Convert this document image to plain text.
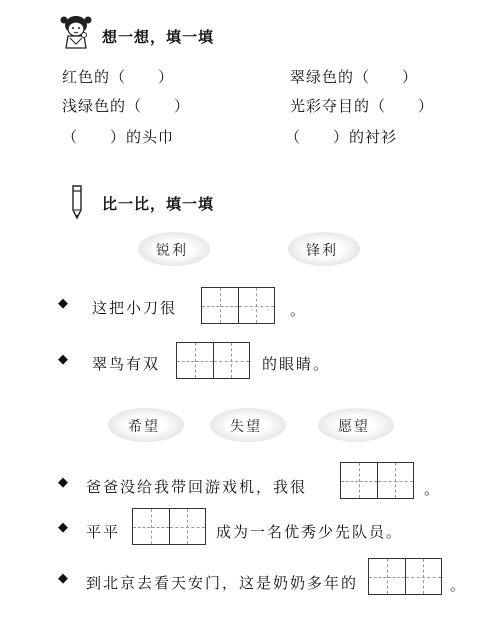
想一想，填一填
红色的（　　）	翠绿色的（　　）
浅绿色的（　　）	光彩夺目的（　　）
（　　）的头巾	（　　）的衬衫
比一比，填一填
锐利	锋利
◆ 这把小刀很	。
◆ 翠鸟有双	的眼睛。
希望	失望	愿望
◆ 爸爸没给我带回游戏机，我很	。
◆ 平平	成为一名优秀少先队员。
◆ 到北京去看天安门，这是奶奶多年的	。
